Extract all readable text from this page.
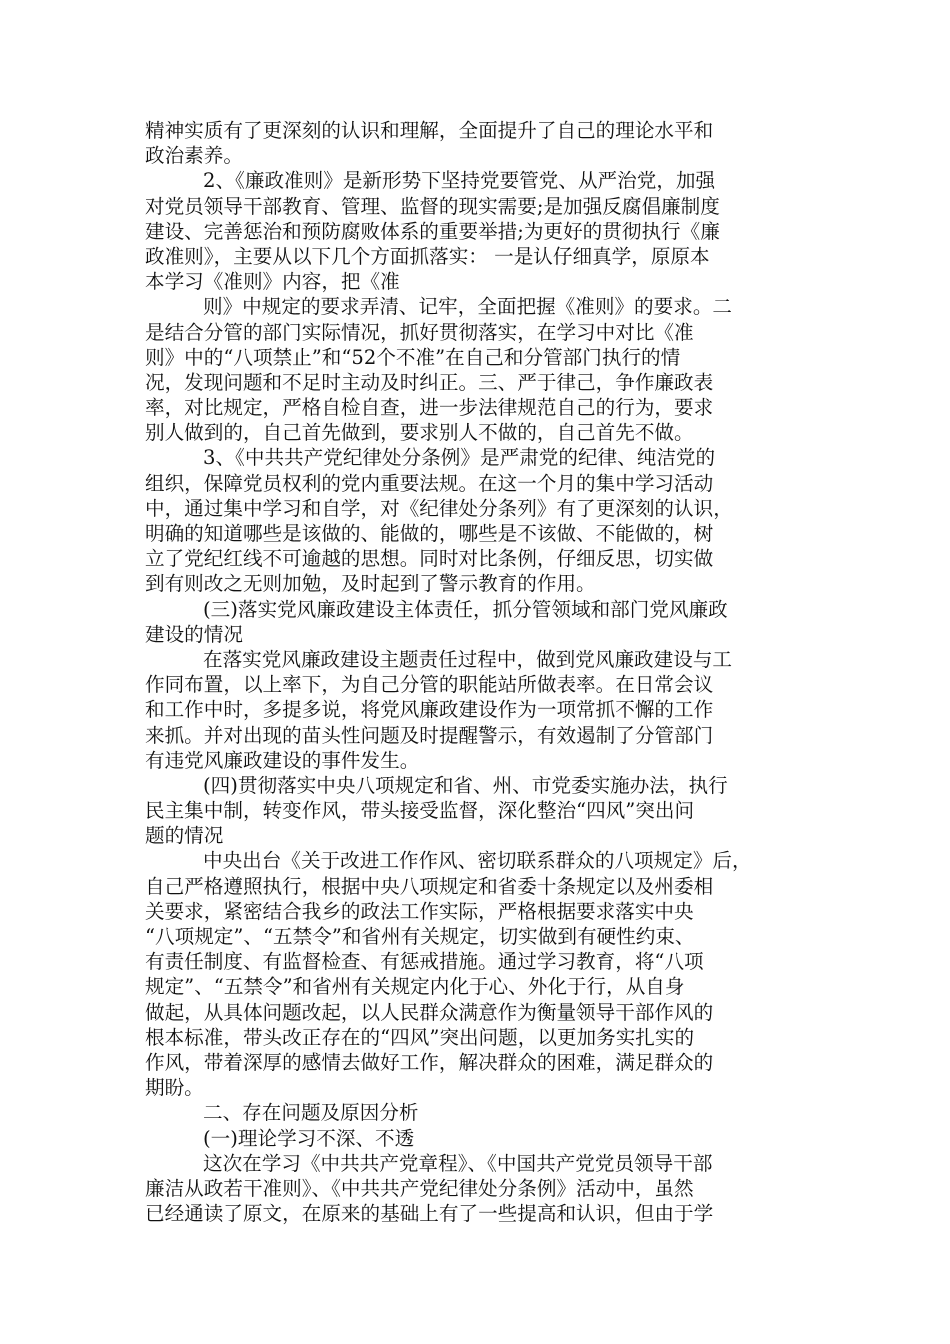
精神实质有了更深刻的认识和理解，全面提升了自己的理论水平和
政治素养。
2、《廉政准则》是新形势下坚持党要管党、从严治党，加强
对党员领导干部教育、管理、监督的现实需要;是加强反腐倡廉制度
建设、完善惩治和预防腐败体系的重要举措;为更好的贯彻执行《廉
政准则》，主要从以下几个方面抓落实： 一是认仔细真学，原原本
本学习《准则》内容，把《准
则》中规定的要求弄清、记牢，全面把握《准则》的要求。二
是结合分管的部门实际情况，抓好贯彻落实，在学习中对比《准
则》中的“八项禁止”和“52个不准”在自己和分管部门执行的情
况，发现问题和不足时主动及时纠正。三、严于律己，争作廉政表
率，对比规定，严格自检自查，进一步法律规范自己的行为，要求
别人做到的，自己首先做到，要求别人不做的，自己首先不做。
3、《中共共产党纪律处分条例》是严肃党的纪律、纯洁党的
组织，保障党员权利的党内重要法规。在这一个月的集中学习活动
中，通过集中学习和自学，对《纪律处分条列》有了更深刻的认识，
明确的知道哪些是该做的、能做的，哪些是不该做、不能做的，树
立了党纪红线不可逾越的思想。同时对比条例，仔细反思，切实做
到有则改之无则加勉，及时起到了警示教育的作用。
(三)落实党风廉政建设主体责任，抓分管领域和部门党风廉政
建设的情况
在落实党风廉政建设主题责任过程中，做到党风廉政建设与工
作同布置，以上率下，为自己分管的职能站所做表率。在日常会议
和工作中时，多提多说，将党风廉政建设作为一项常抓不懈的工作
来抓。并对出现的苗头性问题及时提醒警示，有效遏制了分管部门
有违党风廉政建设的事件发生。
(四)贯彻落实中央八项规定和省、州、市党委实施办法，执行
民主集中制，转变作风，带头接受监督，深化整治“四风”突出问
题的情况
中央出台《关于改进工作作风、密切联系群众的八项规定》后，
自己严格遵照执行，根据中央八项规定和省委十条规定以及州委相
关要求，紧密结合我乡的政法工作实际，严格根据要求落实中央
“八项规定”、“五禁令”和省州有关规定，切实做到有硬性约束、
有责任制度、有监督检查、有惩戒措施。通过学习教育，将“八项
规定”、“五禁令”和省州有关规定内化于心、外化于行，从自身
做起，从具体问题改起，以人民群众满意作为衡量领导干部作风的
根本标准，带头改正存在的“四风”突出问题，以更加务实扎实的
作风，带着深厚的感情去做好工作，解决群众的困难，满足群众的
期盼。
二、存在问题及原因分析
(一)理论学习不深、不透
这次在学习《中共共产党章程》、《中国共产党党员领导干部
廉洁从政若干准则》、《中共共产党纪律处分条例》活动中，虽然
已经通读了原文，在原来的基础上有了一些提高和认识，但由于学
